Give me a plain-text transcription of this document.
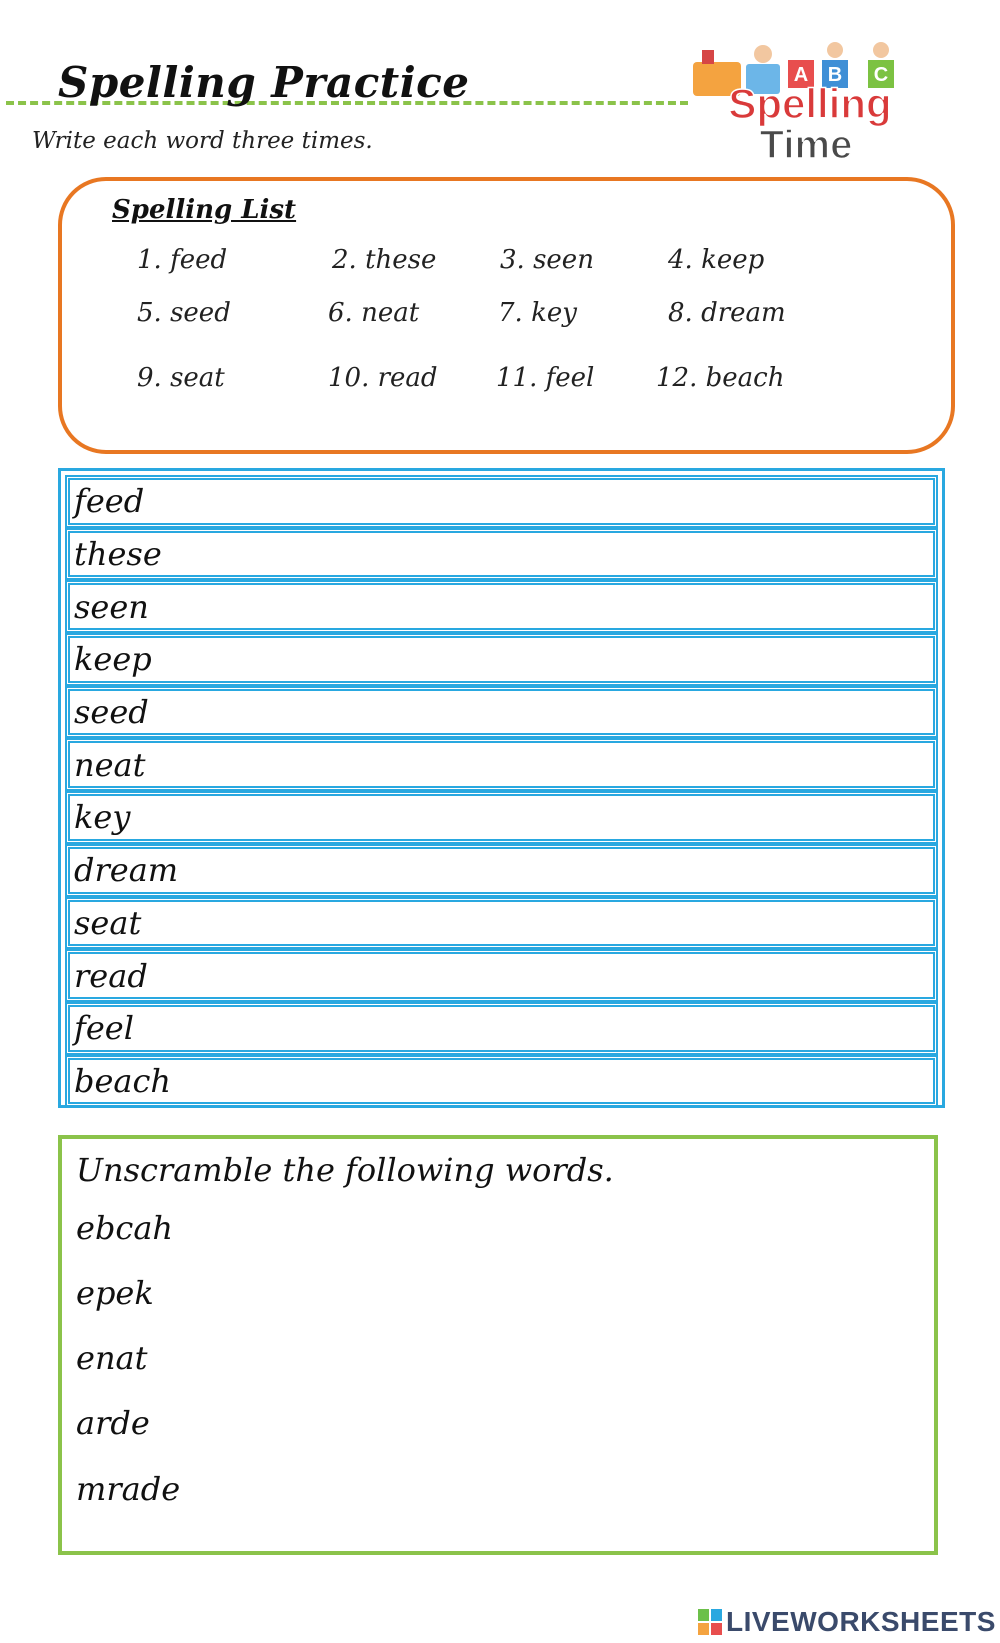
Spelling Practice
Write each word three times.
A B C
Spelling
Time
Spelling List
1. feed	2. these 3. seen	4. keep
5. seed	6. neat	7. key	8. dream
9. seat	10. read 11. feel 12. beach
feed
these
seen
keep
seed
neat
key
dream
seat
read
feel
beach
Unscramble the following words.
ebcah
epek
enat
arde
mrade
LIVEWORKSHEETS
